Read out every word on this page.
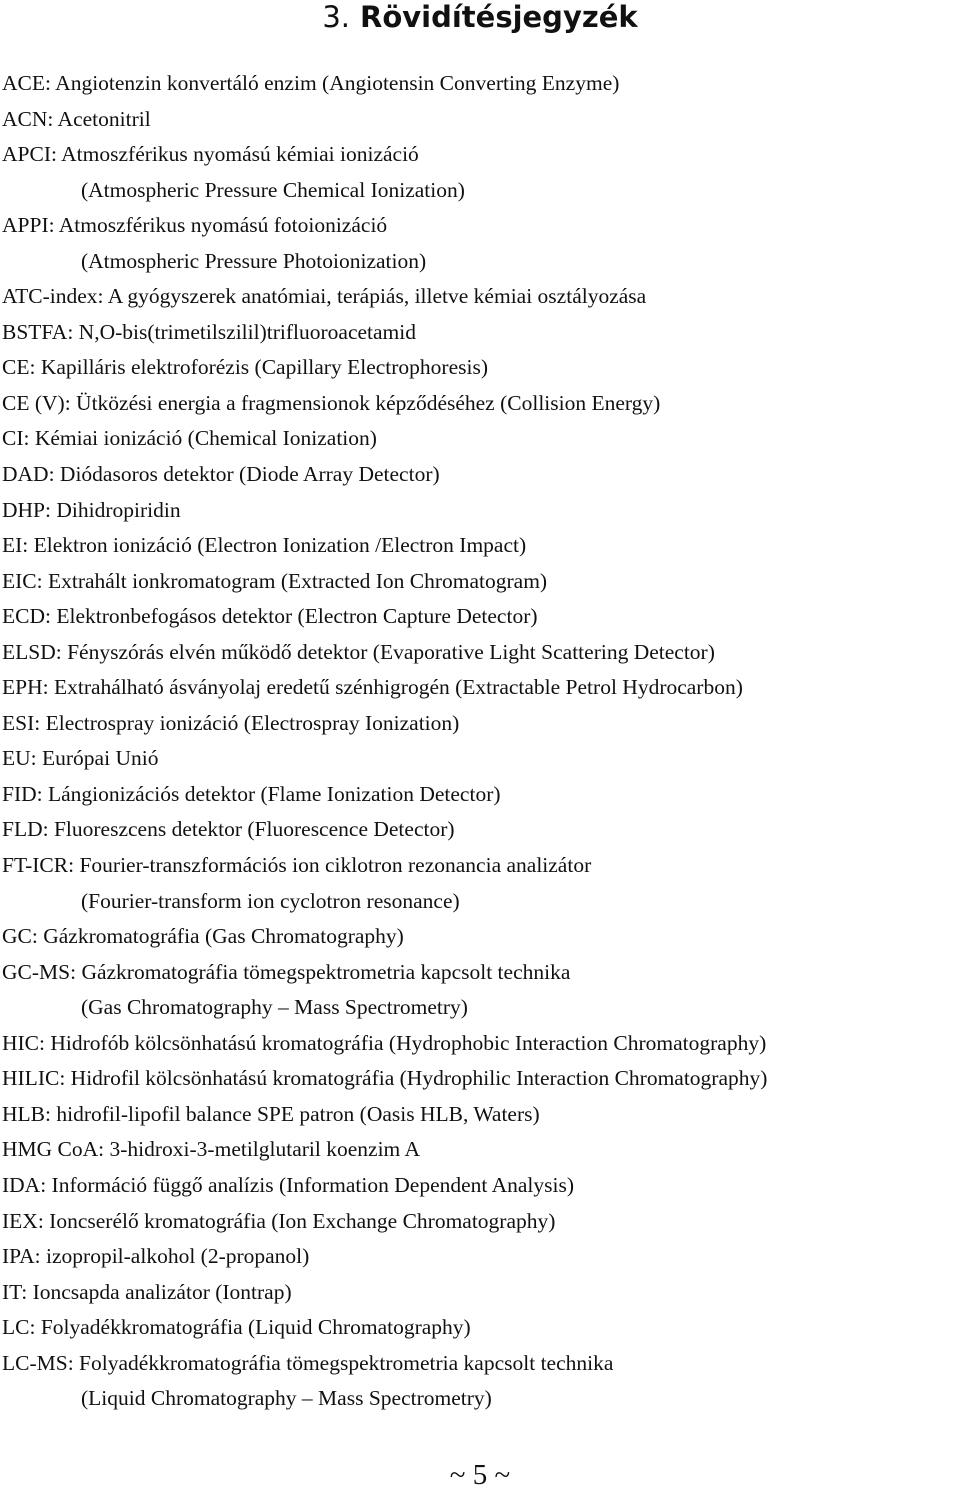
3. Rövidítésjegyzék
ACE: Angiotenzin konvertáló enzim (Angiotensin Converting Enzyme)
ACN: Acetonitril
APCI: Atmoszférikus nyomású kémiai ionizáció
(Atmospheric Pressure Chemical Ionization)
APPI: Atmoszférikus nyomású fotoionizáció
(Atmospheric Pressure Photoionization)
ATC-index: A gyógyszerek anatómiai, terápiás, illetve kémiai osztályozása
BSTFA: N,O-bis(trimetilszilil)trifluoroacetamid
CE: Kapilláris elektroforézis (Capillary Electrophoresis)
CE (V): Ütközési energia a fragmensionok képződéséhez (Collision Energy)
CI: Kémiai ionizáció (Chemical Ionization)
DAD: Diódasoros detektor (Diode Array Detector)
DHP: Dihidropiridin
EI: Elektron ionizáció (Electron Ionization /Electron Impact)
EIC: Extrahált ionkromatogram (Extracted Ion Chromatogram)
ECD: Elektronbefogásos detektor (Electron Capture Detector)
ELSD: Fényszórás elvén működő detektor (Evaporative Light Scattering Detector)
EPH: Extrahálható ásványolaj eredetű szénhigrogén (Extractable Petrol Hydrocarbon)
ESI: Electrospray ionizáció (Electrospray Ionization)
EU: Európai Unió
FID: Lángionizációs detektor (Flame Ionization Detector)
FLD: Fluoreszcens detektor (Fluorescence Detector)
FT-ICR: Fourier-transzformációs ion ciklotron rezonancia analizátor
(Fourier-transform ion cyclotron resonance)
GC: Gázkromatográfia (Gas Chromatography)
GC-MS: Gázkromatográfia tömegspektrometria kapcsolt technika
(Gas Chromatography – Mass Spectrometry)
HIC: Hidrofób kölcsönhatású kromatográfia (Hydrophobic Interaction Chromatography)
HILIC: Hidrofil kölcsönhatású kromatográfia (Hydrophilic Interaction Chromatography)
HLB: hidrofil-lipofil balance SPE patron (Oasis HLB, Waters)
HMG CoA: 3-hidroxi-3-metilglutaril koenzim A
IDA: Információ függő analízis (Information Dependent Analysis)
IEX: Ioncserélő kromatográfia (Ion Exchange Chromatography)
IPA: izopropil-alkohol (2-propanol)
IT: Ioncsapda analizátor (Iontrap)
LC: Folyadékkromatográfia (Liquid Chromatography)
LC-MS: Folyadékkromatográfia tömegspektrometria kapcsolt technika
(Liquid Chromatography – Mass Spectrometry)
~ 5 ~
